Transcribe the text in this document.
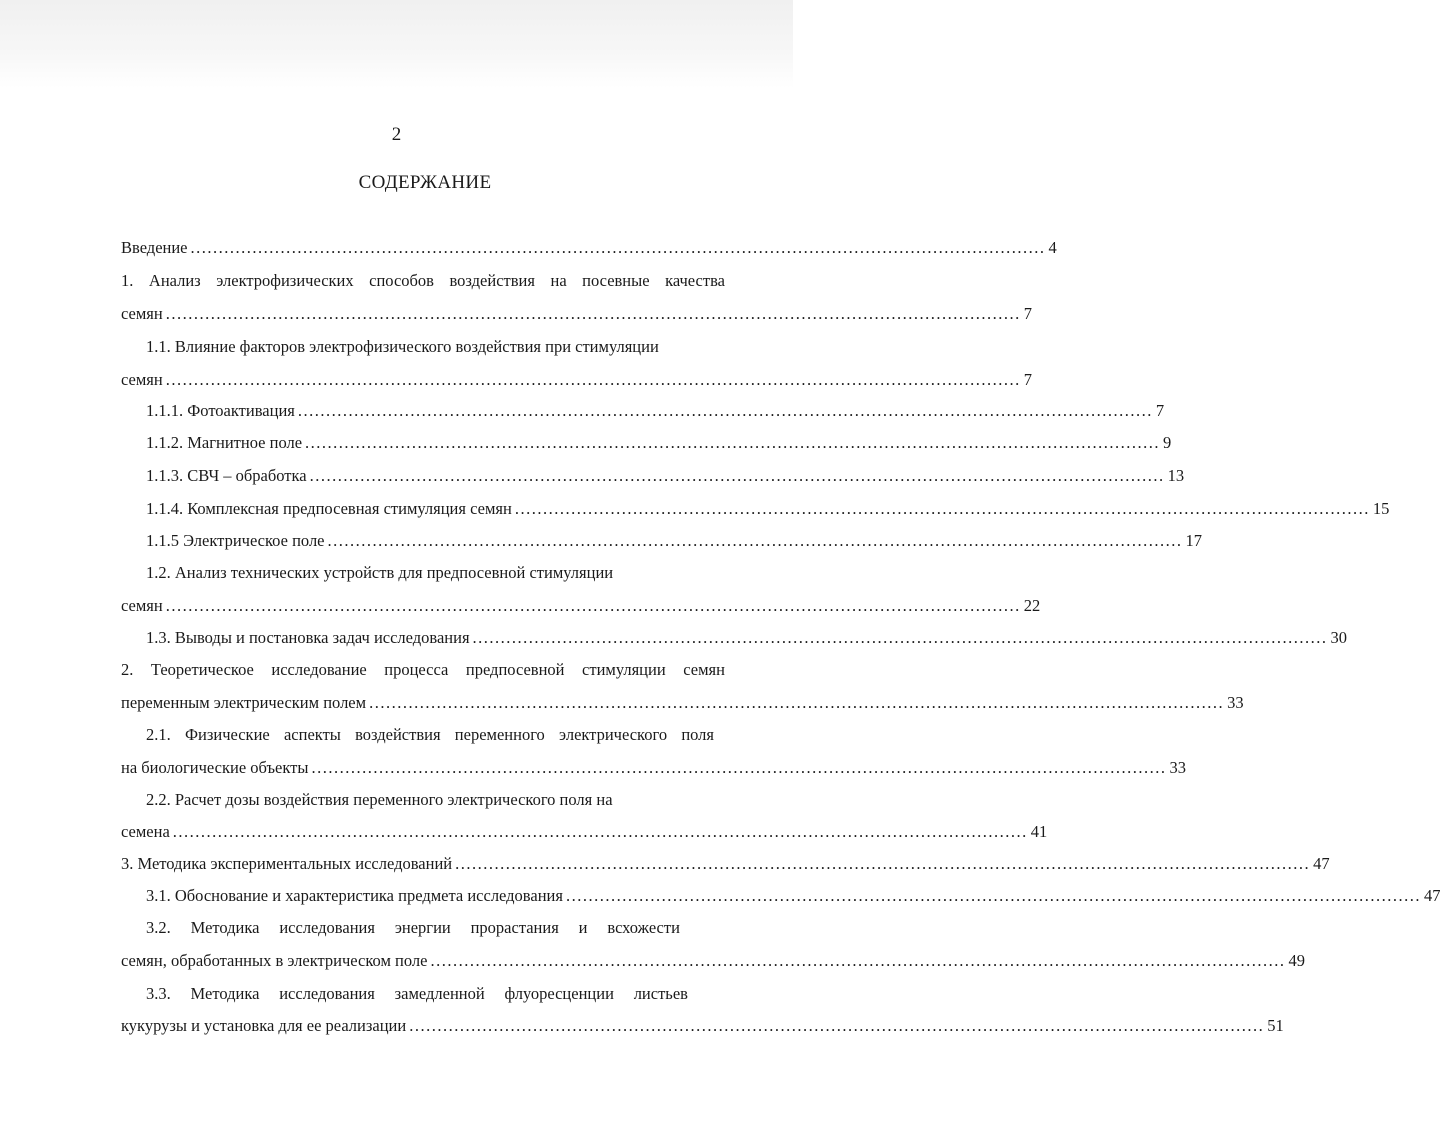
2
СОДЕРЖАНИЕ
Введение ........................................................................................................................................................ 4
1. Анализ электрофизических способов воздействия на посевные качества
семян ........................................................................................................................................................ 7
1.1. Влияние факторов электрофизического воздействия при стимуляции
семян ........................................................................................................................................................ 7
1.1.1. Фотоактивация ........................................................................................................................................................ 7
1.1.2. Магнитное поле ........................................................................................................................................................ 9
1.1.3. СВЧ – обработка ........................................................................................................................................................ 13
1.1.4. Комплексная предпосевная стимуляция семян ........................................................................................................................................................ 15
1.1.5 Электрическое поле ........................................................................................................................................................ 17
1.2. Анализ технических устройств для предпосевной стимуляции
семян ........................................................................................................................................................ 22
1.3. Выводы и постановка задач исследования ........................................................................................................................................................ 30
2. Теоретическое исследование процесса предпосевной стимуляции семян
переменным электрическим полем ........................................................................................................................................................ 33
2.1. Физические аспекты воздействия переменного электрического поля
на биологические объекты ........................................................................................................................................................ 33
2.2. Расчет дозы воздействия переменного электрического поля на
семена ........................................................................................................................................................ 41
3. Методика экспериментальных исследований ........................................................................................................................................................ 47
3.1. Обоснование и характеристика предмета исследования ........................................................................................................................................................ 47
3.2. Методика исследования энергии прорастания и всхожести
семян, обработанных в электрическом поле ........................................................................................................................................................ 49
3.3. Методика исследования замедленной флуоресценции листьев
кукурузы и установка для ее реализации ........................................................................................................................................................ 51
